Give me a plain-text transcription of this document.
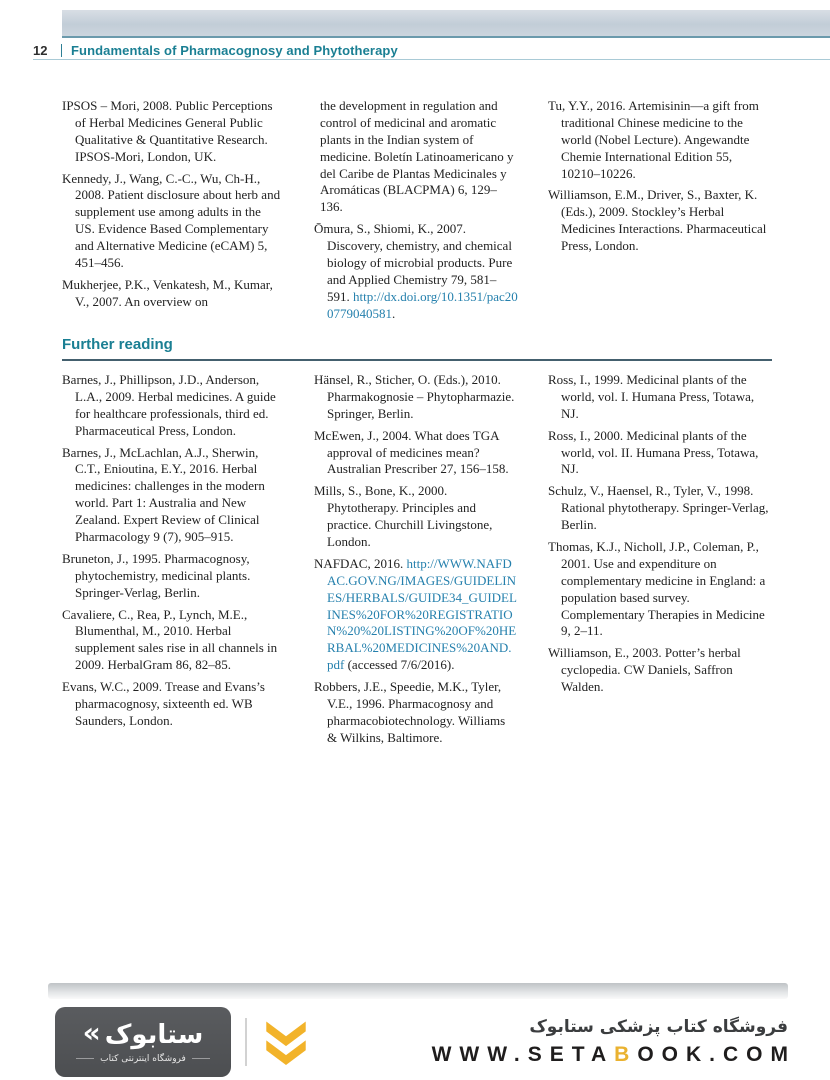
12	Fundamentals of Pharmacognosy and Phytotherapy

IPSOS – Mori, 2008. Public Perceptions of Herbal Medicines General Public Qualitative & Quantitative Research. IPSOS-Mori, London, UK.

Kennedy, J., Wang, C.-C., Wu, Ch-H., 2008. Patient disclosure about herb and supplement use among adults in the US. Evidence Based Complementary and Alternative Medicine (eCAM) 5, 451–456.

Mukherjee, P.K., Venkatesh, M., Kumar, V., 2007. An overview on

the development in regulation and control of medicinal and aromatic plants in the Indian system of medicine. Boletín Latinoamericano y del Caribe de Plantas Medicinales y Aromáticas (BLACPMA) 6, 129–136.

Ōmura, S., Shiomi, K., 2007. Discovery, chemistry, and chemical biology of microbial products. Pure and Applied Chemistry 79, 581–591. http://dx.doi.org/10.1351/pac200779040581.

Tu, Y.Y., 2016. Artemisinin—a gift from traditional Chinese medicine to the world (Nobel Lecture). Angewandte Chemie International Edition 55, 10210–10226.

Williamson, E.M., Driver, S., Baxter, K. (Eds.), 2009. Stockley’s Herbal Medicines Interactions. Pharmaceutical Press, London.

Further reading

Barnes, J., Phillipson, J.D., Anderson, L.A., 2009. Herbal medicines. A guide for healthcare professionals, third ed. Pharmaceutical Press, London.

Barnes, J., McLachlan, A.J., Sherwin, C.T., Enioutina, E.Y., 2016. Herbal medicines: challenges in the modern world. Part 1: Australia and New Zealand. Expert Review of Clinical Pharmacology 9 (7), 905–915.

Bruneton, J., 1995. Pharmacognosy, phytochemistry, medicinal plants. Springer-Verlag, Berlin.

Cavaliere, C., Rea, P., Lynch, M.E., Blumenthal, M., 2010. Herbal supplement sales rise in all channels in 2009. HerbalGram 86, 82–85.

Evans, W.C., 2009. Trease and Evans’s pharmacognosy, sixteenth ed. WB Saunders, London.

Hänsel, R., Sticher, O. (Eds.), 2010. Pharmakognosie – Phytopharmazie. Springer, Berlin.

McEwen, J., 2004. What does TGA approval of medicines mean? Australian Prescriber 27, 156–158.

Mills, S., Bone, K., 2000. Phytotherapy. Principles and practice. Churchill Livingstone, London.

NAFDAC, 2016. http://WWW.NAFDAC.GOV.NG/IMAGES/GUIDELINES/HERBALS/GUIDE34_GUIDELINES%20FOR%20REGISTRATION%20%20LISTING%20OF%20HERBAL%20MEDICINES%20AND.pdf (accessed 7/6/2016).

Robbers, J.E., Speedie, M.K., Tyler, V.E., 1996. Pharmacognosy and pharmacobiotechnology. Williams & Wilkins, Baltimore.

Ross, I., 1999. Medicinal plants of the world, vol. I. Humana Press, Totawa, NJ.

Ross, I., 2000. Medicinal plants of the world, vol. II. Humana Press, Totawa, NJ.

Schulz, V., Haensel, R., Tyler, V., 1998. Rational phytotherapy. Springer-Verlag, Berlin.

Thomas, K.J., Nicholl, J.P., Coleman, P., 2001. Use and expenditure on complementary medicine in England: a population based survey. Complementary Therapies in Medicine 9, 2–11.

Williamson, E., 2003. Potter’s herbal cyclopedia. CW Daniels, Saffron Walden.

« ستابوک
فروشگاه اینترنتی کتاب
فروشگاه کتاب پزشکی ستابوک
WWW.SETABOOK.COM
